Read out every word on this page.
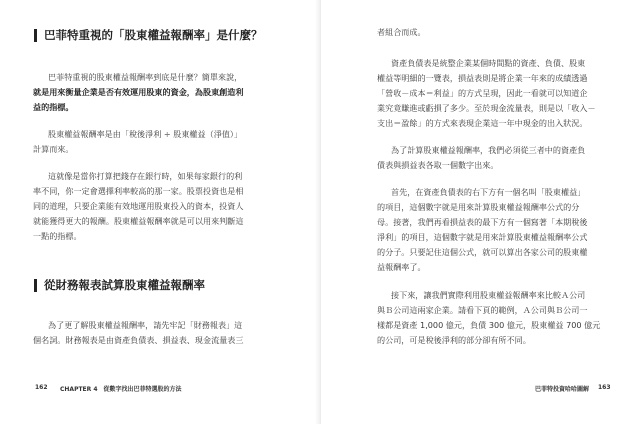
巴菲特重視的「股東權益報酬率」是什麼？
巴菲特重視的股東權益報酬率到底是什麼？簡單來說，
就是用來衡量企業是否有效運用股東的資金，為股東創造利
益的指標。
股東權益報酬率是由「稅後淨利 ÷ 股東權益（淨值）」
計算而來。
這就像是當你打算把錢存在銀行時，如果每家銀行的利
率不同，你一定會選擇利率較高的那一家。股票投資也是相
同的道理，只要企業能有效地運用股東投入的資本，投資人
就能獲得更大的報酬。股東權益報酬率就是可以用來判斷這
一點的指標。
從財務報表試算股東權益報酬率
為了更了解股東權益報酬率，請先牢記「財務報表」這
個名詞。財務報表是由資產負債表、損益表、現金流量表三
162 CHAPTER 4　從數字找出巴菲特選股的方法
者組合而成。
資產負債表是統整企業某個時間點的資產、負債、股東
權益等明細的一覽表，損益表則是將企業一年來的成績透過
「營收－成本＝利益」的方式呈現，因此一看就可以知道企
業究竟賺進或虧損了多少。至於現金流量表，則是以「收入－
支出＝盈餘」的方式來表現企業這一年中現金的出入狀況。
為了計算股東權益報酬率，我們必須從三者中的資產負
債表與損益表各取一個數字出來。
首先，在資產負債表的右下方有一個名叫「股東權益」
的項目，這個數字就是用來計算股東權益報酬率公式的分
母。接著，我們再看損益表的最下方有一個寫著「本期稅後
淨利」的項目，這個數字就是用來計算股東權益報酬率公式
的分子。只要記住這個公式，就可以算出各家公司的股東權
益報酬率了。
接下來，讓我們實際利用股東權益報酬率來比較Ａ公司
與Ｂ公司這兩家企業。請看下頁的範例，Ａ公司與Ｂ公司一
樣都是資產 1,000 億元，負債 300 億元，股東權益 700 億元
的公司，可是稅後淨利的部分卻有所不同。
巴菲特投資哈哈圖解 163
